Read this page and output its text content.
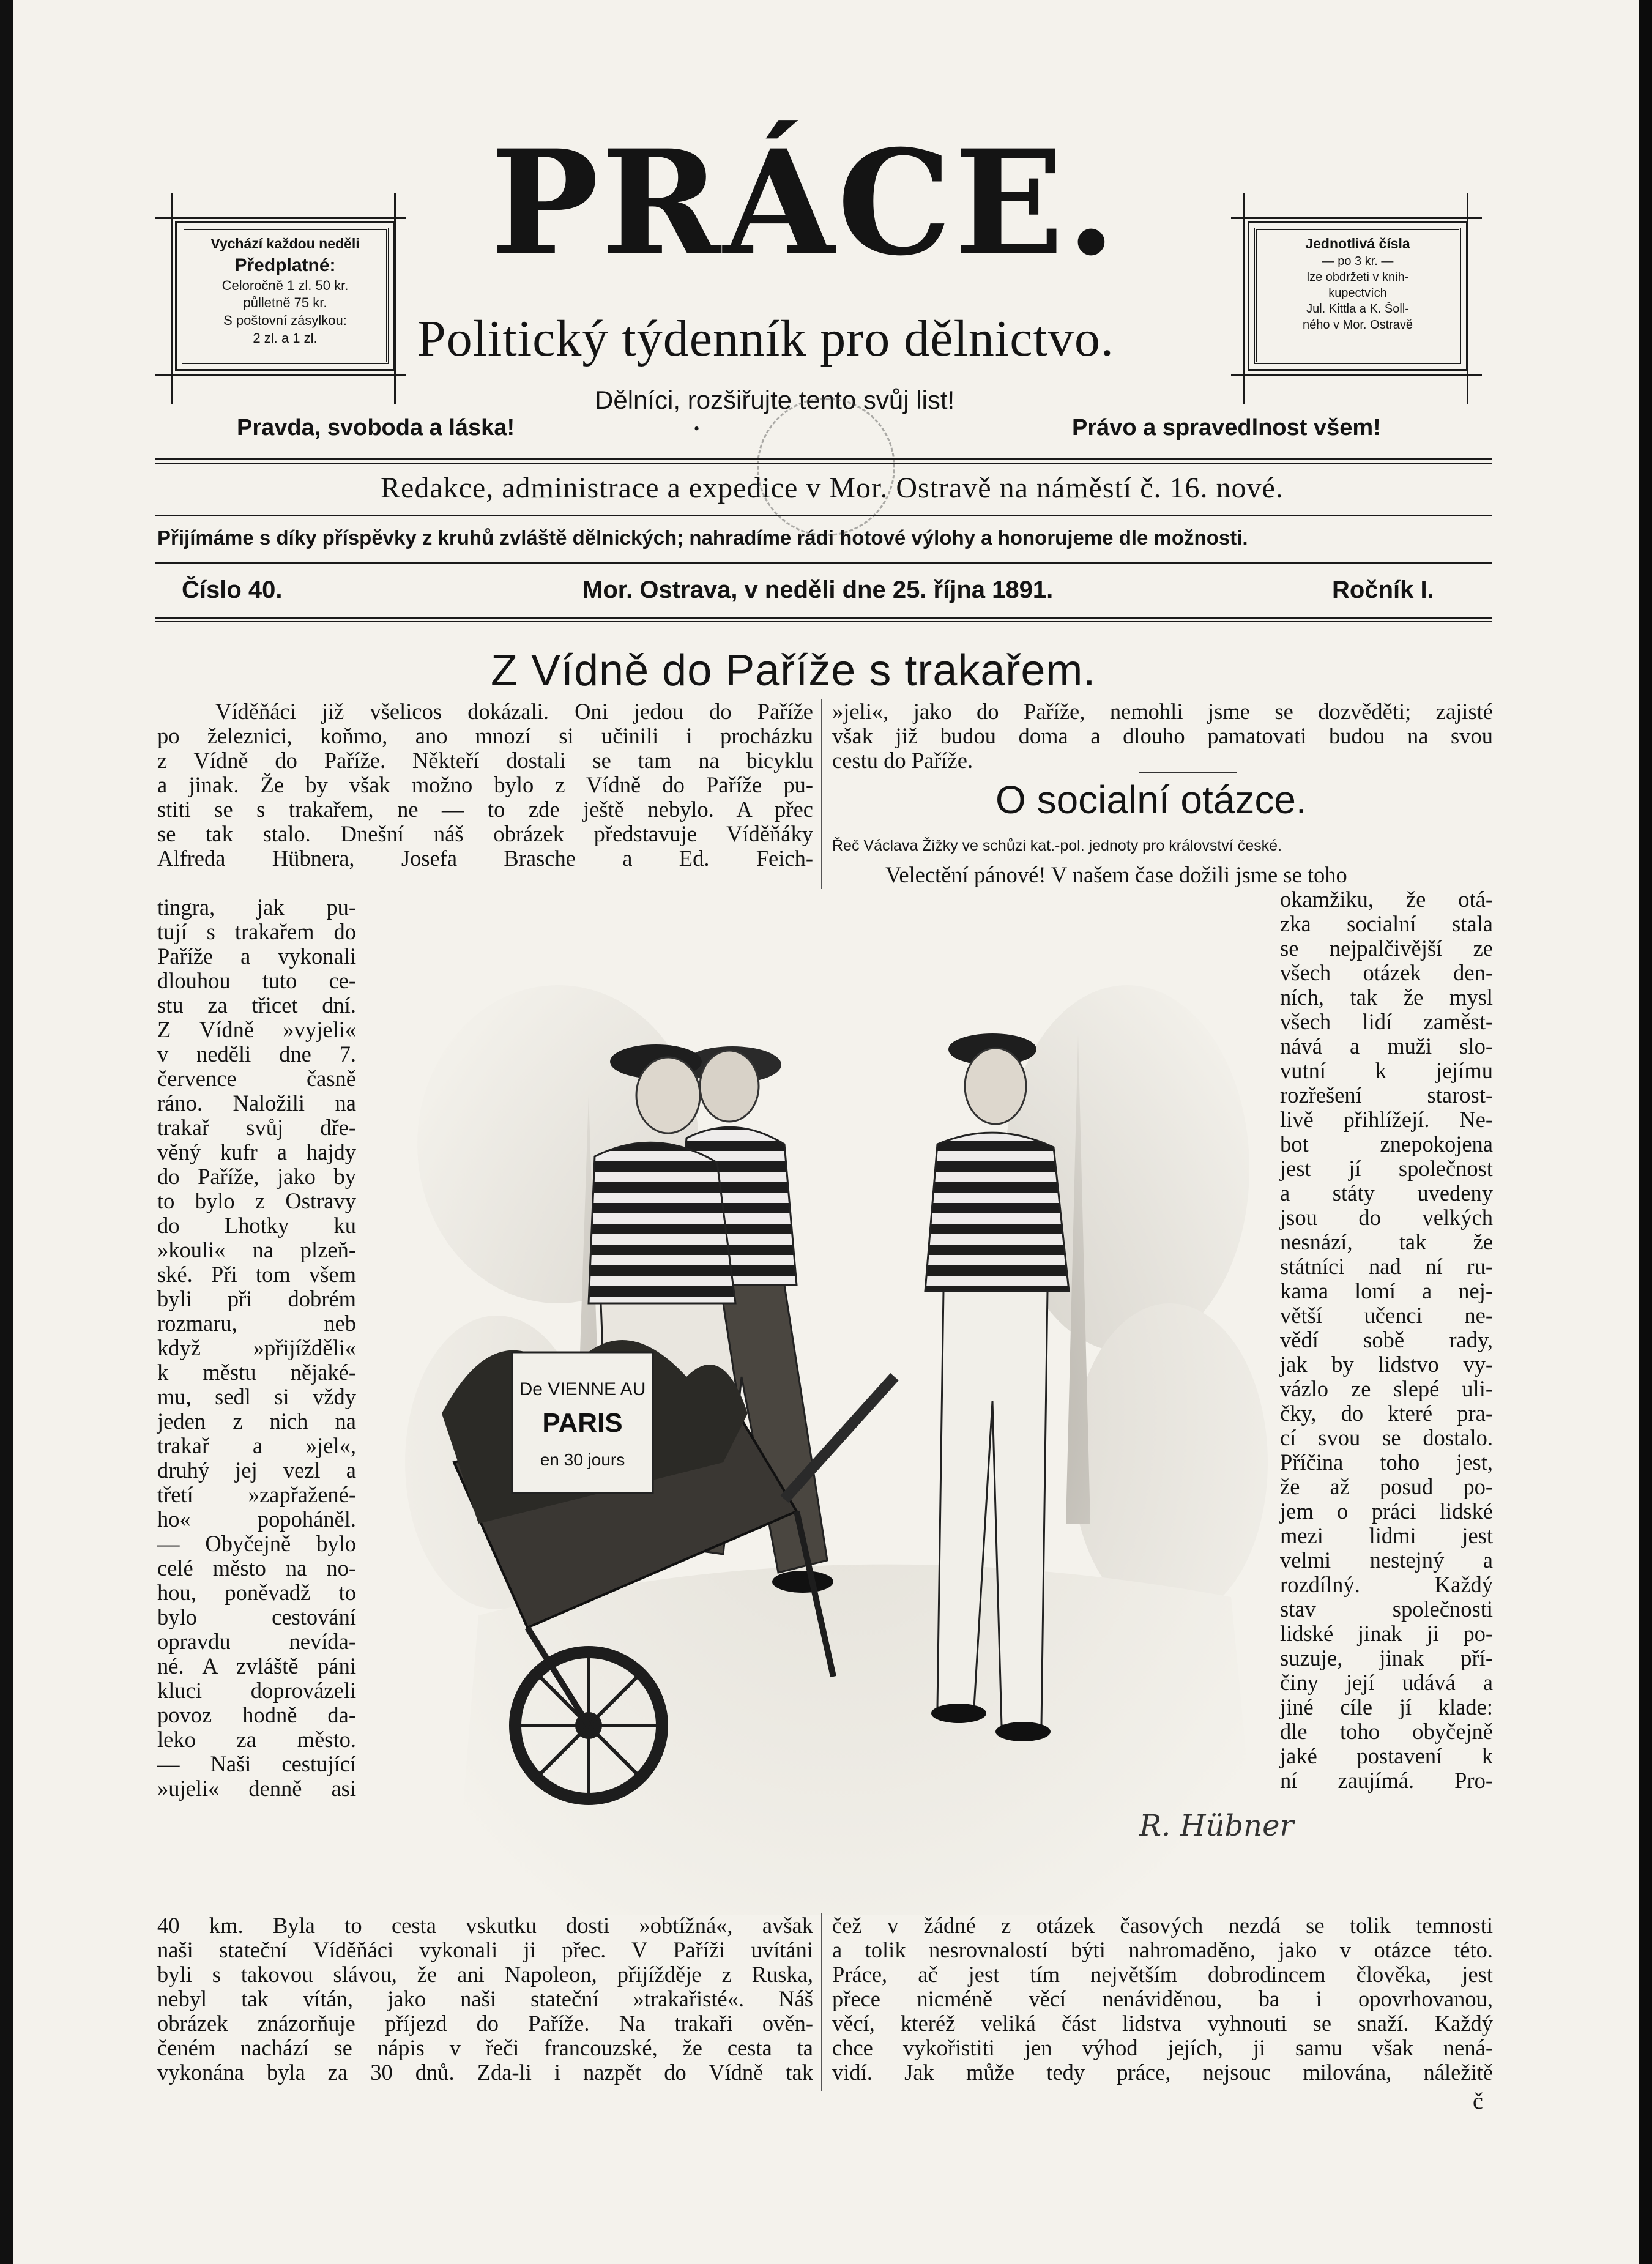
Vychází každou neděli
Předplatné:
Celoročně 1 zl. 50 kr.
půlletně 75 kr.
S poštovní zásylkou:
2 zl. a 1 zl.
Jednotlivá čísla
— po 3 kr. —
lze obdržeti v knih-
kupectvích
Jul. Kittla a K. Šoll-
ného v Mor. Ostravě
PRÁCE.
Politický týdenník pro dělnictvo.
Dělníci, rozšiřujte tento svůj list!
Pravda, svoboda a láska!	•	Právo a spravedlnost všem!
Redakce, administrace a expedice v Mor. Ostravě na náměstí č. 16. nové.
Přijímáme s díky příspěvky z kruhů zvláště dělnických; nahradíme rádi hotové výlohy a honorujeme dle možnosti.
Číslo 40.	Mor. Ostrava, v neděli dne 25. října 1891.	Ročník I.
Z Vídně do Paříže s trakařem.
Víděňáci již všelicos dokázali. Oni jedou do Paříže
po železnici, koňmo, ano mnozí si učinili i procházku
z Vídně do Paříže. Někteří dostali se tam na bicyklu
a jinak. Že by však možno bylo z Vídně do Paříže pu-
stiti se s trakařem, ne — to zde ještě nebylo. A přec
se tak stalo. Dnešní náš obrázek představuje Víděňáky
Alfreda Hübnera, Josefa Brasche a Ed. Feich-
»jeli«, jako do Paříže, nemohli jsme se dozvěděti; zajisté
však již budou doma a dlouho pamatovati budou na svou
cestu do Paříže.
O socialní otázce.
Řeč Václava Žižky ve schůzi kat.-pol. jednoty pro království české.
Velectění pánové! V našem čase dožili jsme se toho
tingra, jak pu-
tují s trakařem do
Paříže a vykonali
dlouhou tuto ce-
stu za třicet dní.
Z Vídně »vyjeli«
v neděli dne 7.
července časně
ráno. Naložili na
trakař svůj dře-
věný kufr a hajdy
do Paříže, jako by
to bylo z Ostravy
do Lhotky ku
»kouli« na plzeň-
ské. Při tom všem
byli při dobrém
rozmaru, neb
když »přijížděli«
k městu nějaké-
mu, sedl si vždy
jeden z nich na
trakař a »jel«,
druhý jej vezl a
třetí »zapřažené-
ho« popoháněl.
— Obyčejně bylo
celé město na no-
hou, poněvadž to
bylo cestování
opravdu nevída-
né. A zvláště páni
kluci doprovázeli
povoz hodně da-
leko za město.
— Naši cestující
»ujeli« denně asi
okamžiku, že otá-
zka socialní stala
se nejpalčivější ze
všech otázek den-
ních, tak že mysl
všech lidí zaměst-
nává a muži slo-
vutní k jejímu
rozřešení starost-
livě přihlížejí. Ne-
bot znepokojena
jest jí společnost
a státy uvedeny
jsou do velkých
nesnází, tak že
státníci nad ní ru-
kama lomí a nej-
větší učenci ne-
vědí sobě rady,
jak by lidstvo vy-
vázlo ze slepé uli-
čky, do které pra-
cí svou se dostalo.
Příčina toho jest,
že až posud po-
jem o práci lidské
mezi lidmi jest
velmi nestejný a
rozdílný. Každý
stav společnosti
lidské jinak ji po-
suzuje, jinak pří-
činy její udává a
jiné cíle jí klade:
dle toho obyčejně
jaké postavení k
ní zaujímá. Pro-
De VIENNE AU
PARIS
en 30 jours
R. Hübner
40 km. Byla to cesta vskutku dosti »obtížná«, avšak
naši stateční Víděňáci vykonali ji přec. V Paříži uvítáni
byli s takovou slávou, že ani Napoleon, přijížděje z Ruska,
nebyl tak vítán, jako naši stateční »trakařisté«. Náš
obrázek znázorňuje příjezd do Paříže. Na trakaři ověn-
čeném nachází se nápis v řeči francouzské, že cesta ta
vykonána byla za 30 dnů. Zda-li i nazpět do Vídně tak
čež v žádné z otázek časových nezdá se tolik temnosti
a tolik nesrovnalostí býti nahromaděno, jako v otázce této.
Práce, ač jest tím největším dobrodincem člověka, jest
přece nicméně věcí nenáviděnou, ba i opovrhovanou,
věcí, kteréž veliká část lidstva vyhnouti se snaží. Každý
chce vykořistiti jen výhod jejích, ji samu však nená-
vidí. Jak může tedy práce, nejsouc milována, náležitě
č
